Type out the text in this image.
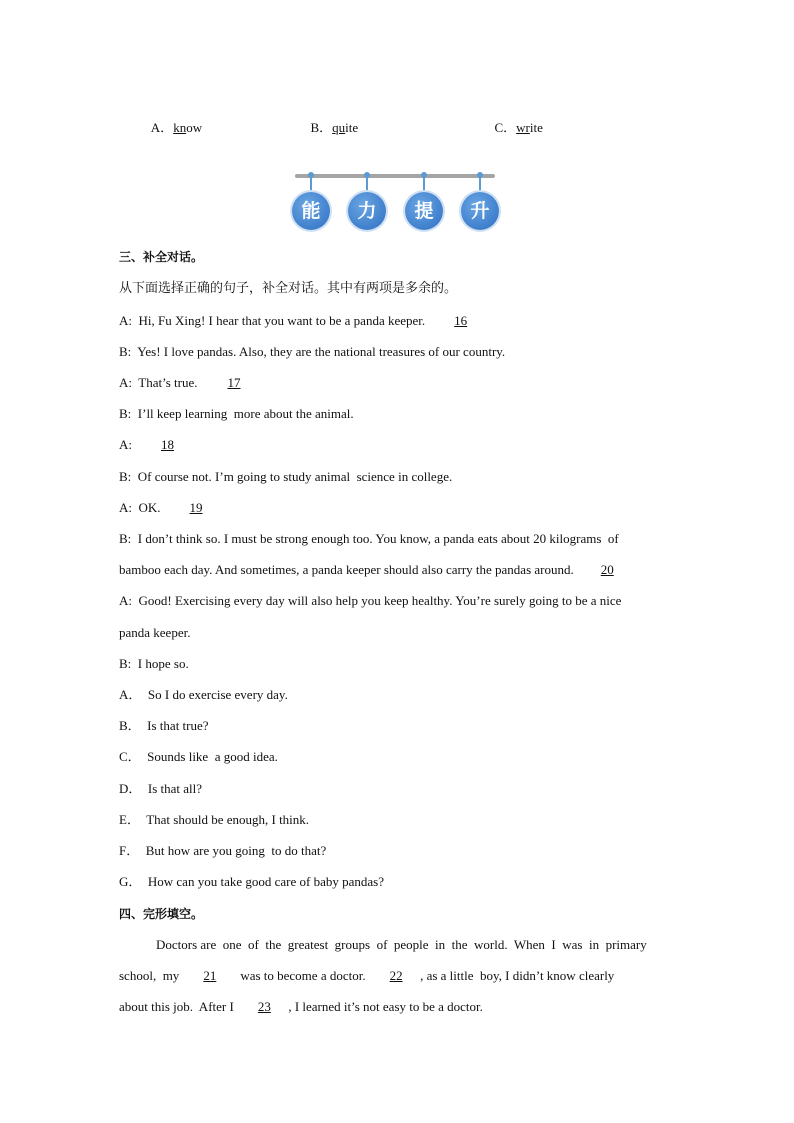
A．know	B．quite	C．write

能	力	提	升
三、补全对话。
从下面选择正确的句子，补全对话。其中有两项是多余的。
A:  Hi, Fu Xing! I hear that you want to be a panda keeper.  16
B:  Yes! I love pandas. Also, they are the national treasures of our country.
A:  That’s true.  17
B:  I’ll keep learning  more about the animal.
A:  18
B:  Of course not. I’m going to study animal  science in college.
A:  OK.  19
B:  I don’t think so. I must be strong enough too. You know, a panda eats about 20 kilograms  of
bamboo each day. And sometimes, a panda keeper should also carry the pandas around.  20
A:  Good! Exercising every day will also help you keep healthy. You’re surely going to be a nice
panda keeper.
B:  I hope so.
A．  So I do exercise every day.
B．  Is that true?
C．  Sounds like  a good idea.
D．  Is that all?
E．  That should be enough, I think.
F．  But how are you going  to do that?
G．  How can you take good care of baby pandas?
四、完形填空。
Doctors are  one  of  the  greatest  groups  of  people  in  the  world.  When  I  was  in  primary
school,  my  21  was to become a doctor.  22 , as a little  boy, I didn’t know clearly
about this job.  After I  23 , I learned it’s not easy to be a doctor.
